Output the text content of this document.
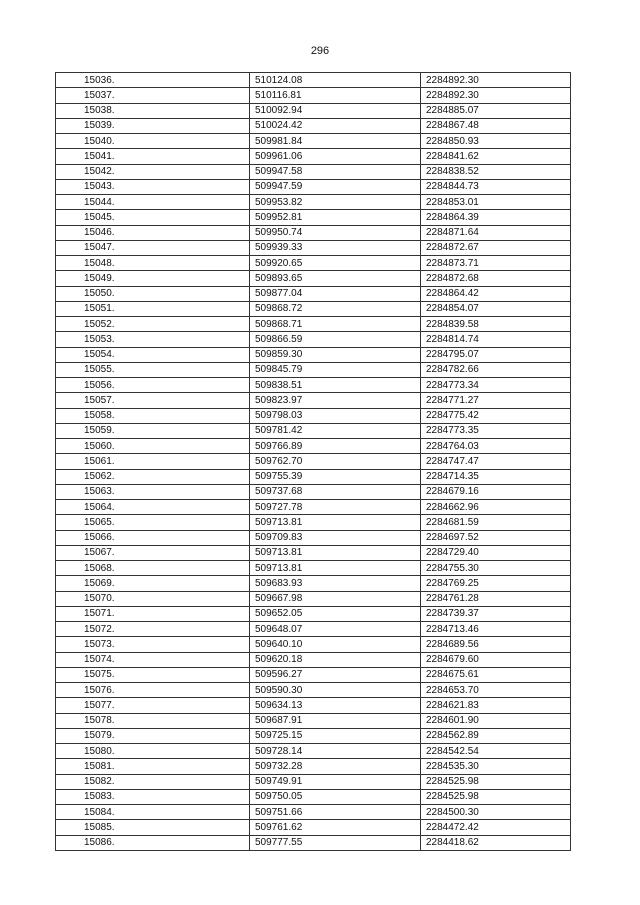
296
15036.	510124.08	2284892.30
15037.	510116.81	2284892.30
15038.	510092.94	2284885.07
15039.	510024.42	2284867.48
15040.	509981.84	2284850.93
15041.	509961.06	2284841.62
15042.	509947.58	2284838.52
15043.	509947.59	2284844.73
15044.	509953.82	2284853.01
15045.	509952.81	2284864.39
15046.	509950.74	2284871.64
15047.	509939.33	2284872.67
15048.	509920.65	2284873.71
15049.	509893.65	2284872.68
15050.	509877.04	2284864.42
15051.	509868.72	2284854.07
15052.	509868.71	2284839.58
15053.	509866.59	2284814.74
15054.	509859.30	2284795.07
15055.	509845.79	2284782.66
15056.	509838.51	2284773.34
15057.	509823.97	2284771.27
15058.	509798.03	2284775.42
15059.	509781.42	2284773.35
15060.	509766.89	2284764.03
15061.	509762.70	2284747.47
15062.	509755.39	2284714.35
15063.	509737.68	2284679.16
15064.	509727.78	2284662.96
15065.	509713.81	2284681.59
15066.	509709.83	2284697.52
15067.	509713.81	2284729.40
15068.	509713.81	2284755.30
15069.	509683.93	2284769.25
15070.	509667.98	2284761.28
15071.	509652.05	2284739.37
15072.	509648.07	2284713.46
15073.	509640.10	2284689.56
15074.	509620.18	2284679.60
15075.	509596.27	2284675.61
15076.	509590.30	2284653.70
15077.	509634.13	2284621.83
15078.	509687.91	2284601.90
15079.	509725.15	2284562.89
15080.	509728.14	2284542.54
15081.	509732.28	2284535.30
15082.	509749.91	2284525.98
15083.	509750.05	2284525.98
15084.	509751.66	2284500.30
15085.	509761.62	2284472.42
15086.	509777.55	2284418.62
